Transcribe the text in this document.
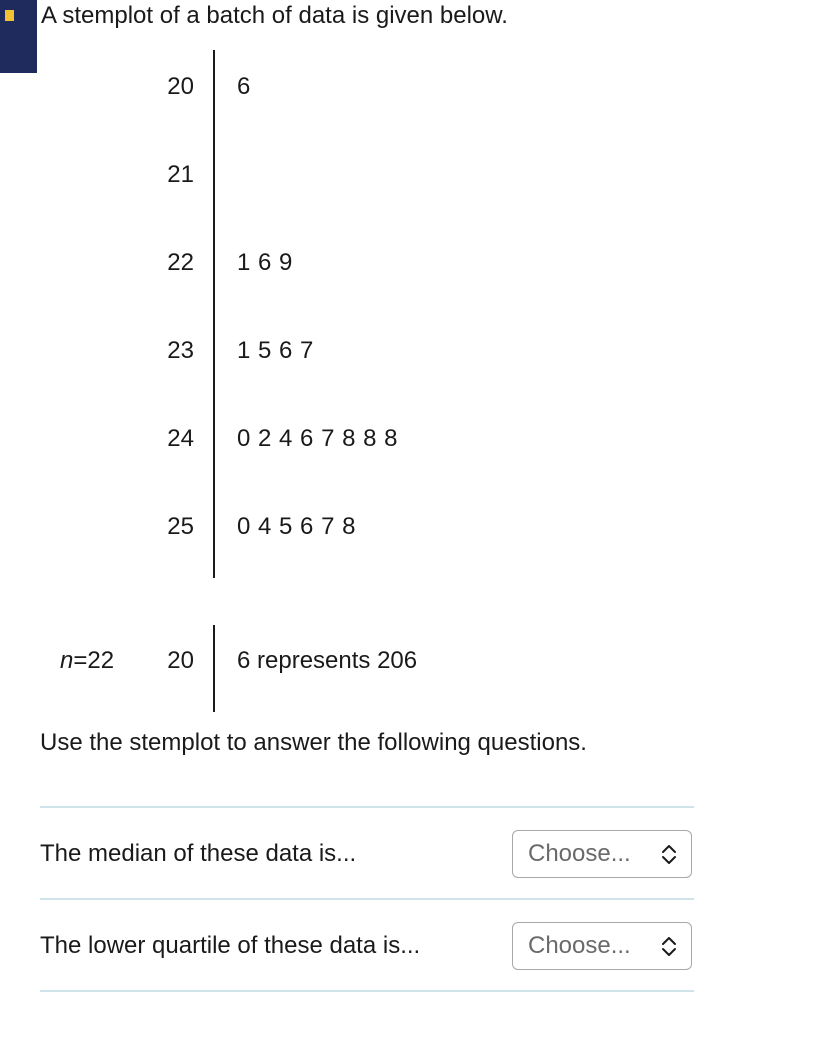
A stemplot of a batch of data is given below.
20 6
21
22 1 6 9
23 1 5 6 7
24 0 2 4 6 7 8 8 8
25 0 4 5 6 7 8
n=22	20 6 represents 206
Use the stemplot to answer the following questions.
The median of these data is...	Choose...
The lower quartile of these data is...	Choose...
